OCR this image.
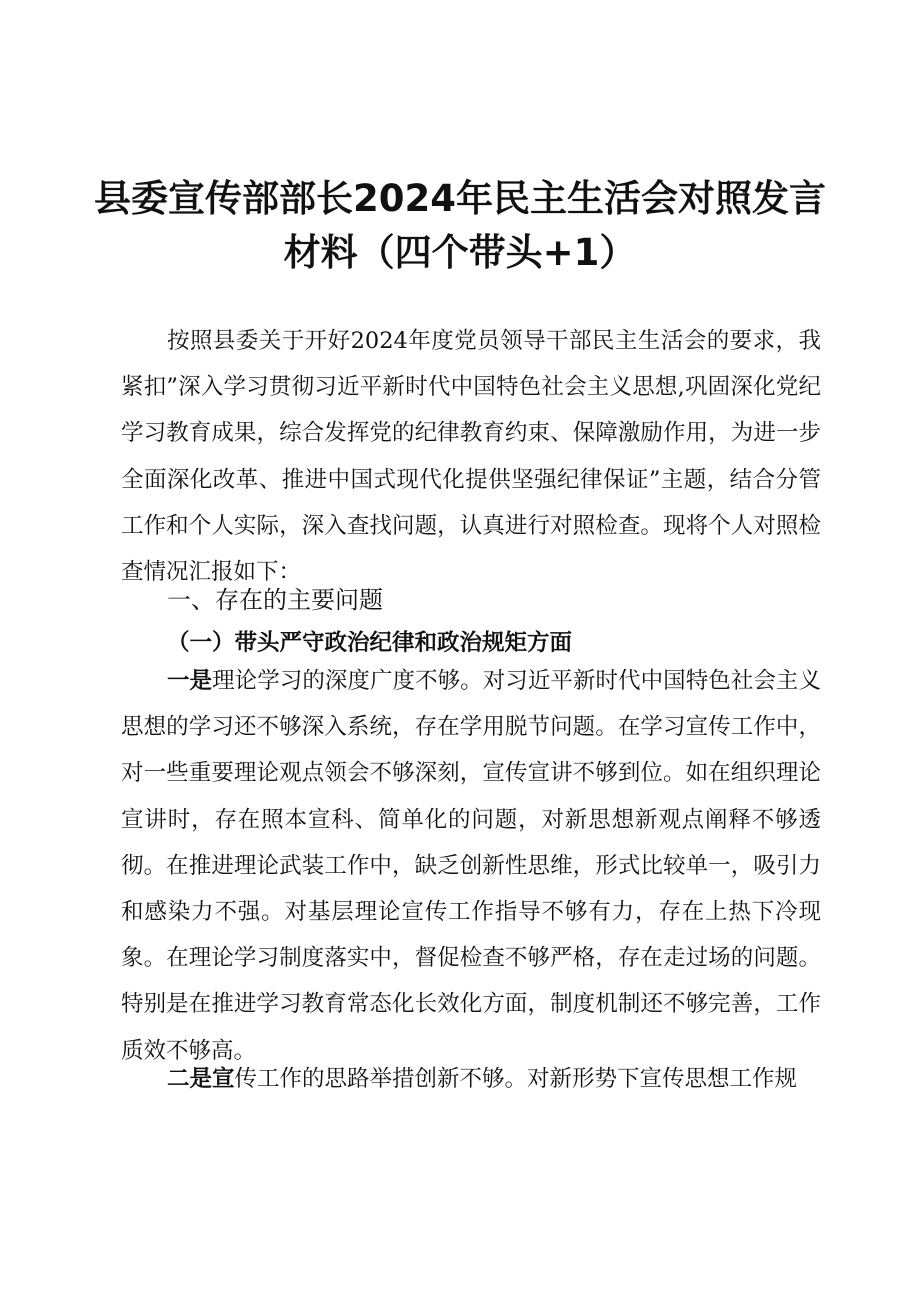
县委宣传部部长2024年民主生活会对照发言
材料（四个带头+1）

按照县委关于开好2024年度党员领导干部民主生活会的要求，我紧扣”深入学习贯彻习近平新时代中国特色社会主义思想,巩固深化党纪学习教育成果，综合发挥党的纪律教育约束、保障激励作用，为进一步全面深化改革、推进中国式现代化提供坚强纪律保证”主题，结合分管工作和个人实际，深入查找问题，认真进行对照检查。现将个人对照检查情况汇报如下：

一、存在的主要问题
（一）带头严守政治纪律和政治规矩方面

一是理论学习的深度广度不够。对习近平新时代中国特色社会主义思想的学习还不够深入系统，存在学用脱节问题。在学习宣传工作中，对一些重要理论观点领会不够深刻，宣传宣讲不够到位。如在组织理论宣讲时，存在照本宣科、简单化的问题，对新思想新观点阐释不够透彻。在推进理论武装工作中，缺乏创新性思维，形式比较单一，吸引力和感染力不强。对基层理论宣传工作指导不够有力，存在上热下冷现象。在理论学习制度落实中，督促检查不够严格，存在走过场的问题。特别是在推进学习教育常态化长效化方面，制度机制还不够完善，工作质效不够高。

二是宣传工作的思路举措创新不够。对新形势下宣传思想工作规
